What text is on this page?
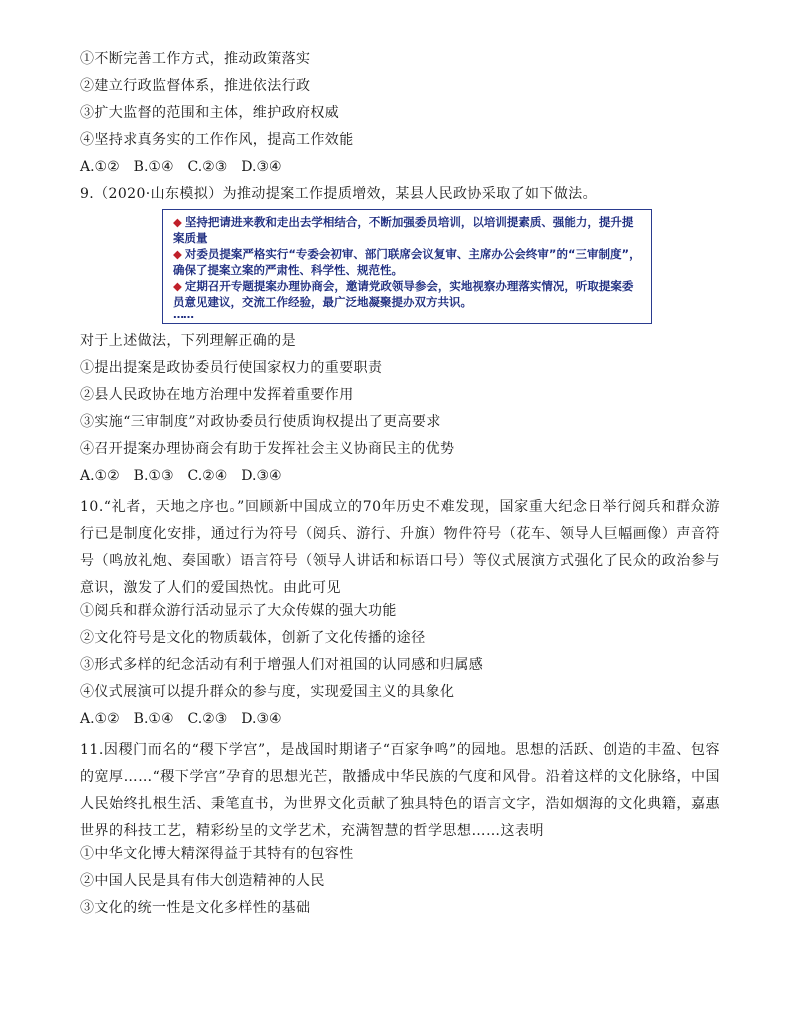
①不断完善工作方式，推动政策落实
②建立行政监督体系，推进依法行政
③扩大监督的范围和主体，维护政府权威
④坚持求真务实的工作作风，提高工作效能
A.①②　B.①④　C.②③　D.③④
9.（2020·山东模拟）为推动提案工作提质增效，某县人民政协采取了如下做法。

◆ 坚持把请进来教和走出去学相结合，不断加强委员培训，以培训提素质、强能力，提升提案质量

◆ 对委员提案严格实行“专委会初审、部门联席会议复审、主席办公会终审”的“三审制度”，确保了提案立案的严肃性、科学性、规范性。

◆ 定期召开专题提案办理协商会，邀请党政领导参会，实地视察办理落实情况，听取提案委员意见建议，交流工作经验，最广泛地凝聚提办双方共识。

……
对于上述做法，下列理解正确的是
①提出提案是政协委员行使国家权力的重要职责
②县人民政协在地方治理中发挥着重要作用
③实施“三审制度”对政协委员行使质询权提出了更高要求
④召开提案办理协商会有助于发挥社会主义协商民主的优势
A.①②　B.①③　C.②④　D.③④

10.“礼者，天地之序也。”回顾新中国成立的70年历史不难发现，国家重大纪念日举行阅兵和群众游行已是制度化安排，通过行为符号（阅兵、游行、升旗）物件符号（花车、领导人巨幅画像）声音符号（鸣放礼炮、奏国歌）语言符号（领导人讲话和标语口号）等仪式展演方式强化了民众的政治参与意识，激发了人们的爱国热忱。由此可见

①阅兵和群众游行活动显示了大众传媒的强大功能
②文化符号是文化的物质载体，创新了文化传播的途径
③形式多样的纪念活动有利于增强人们对祖国的认同感和归属感
④仪式展演可以提升群众的参与度，实现爱国主义的具象化
A.①②　B.①④　C.②③　D.③④

11.因稷门而名的“稷下学宫”，是战国时期诸子“百家争鸣”的园地。思想的活跃、创造的丰盈、包容的宽厚……“稷下学宫”孕育的思想光芒，散播成中华民族的气度和风骨。沿着这样的文化脉络，中国人民始终扎根生活、秉笔直书，为世界文化贡献了独具特色的语言文字，浩如烟海的文化典籍，嘉惠世界的科技工艺，精彩纷呈的文学艺术，充满智慧的哲学思想……这表明

①中华文化博大精深得益于其特有的包容性
②中国人民是具有伟大创造精神的人民
③文化的统一性是文化多样性的基础
